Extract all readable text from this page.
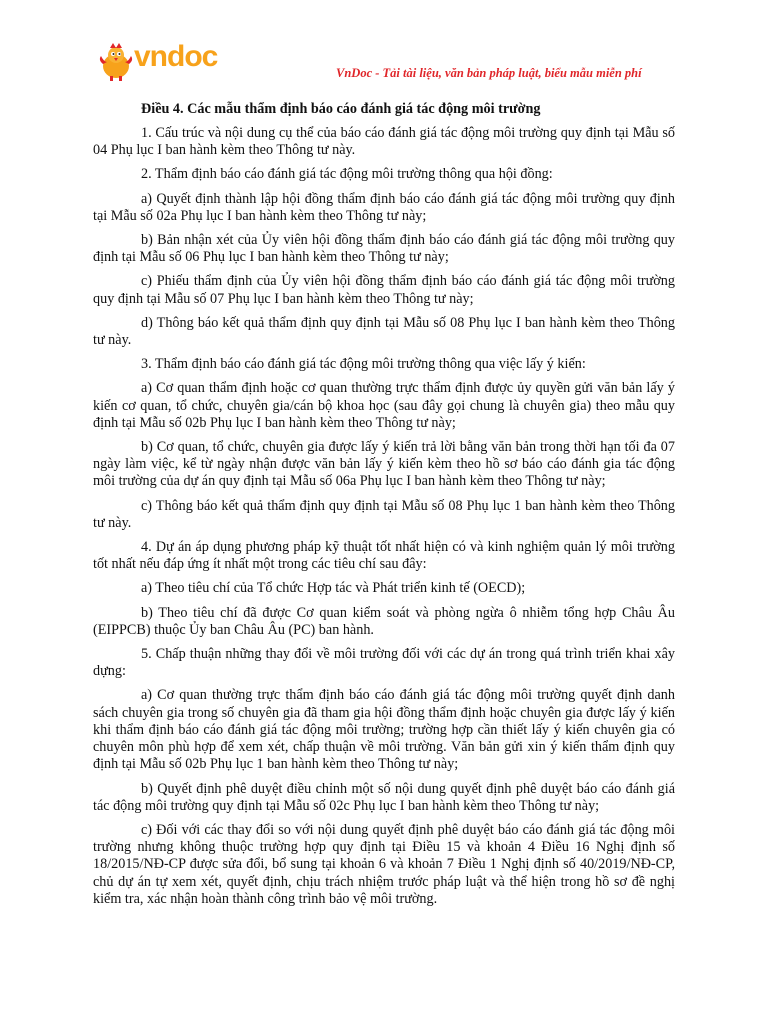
vndoc	VnDoc - Tải tài liệu, văn bản pháp luật, biểu mẫu miễn phí

Điều 4. Các mẫu thẩm định báo cáo đánh giá tác động môi trường

1. Cấu trúc và nội dung cụ thể của báo cáo đánh giá tác động môi trường quy định tại Mẫu số 04 Phụ lục I ban hành kèm theo Thông tư này.

2. Thẩm định báo cáo đánh giá tác động môi trường thông qua hội đồng:

a) Quyết định thành lập hội đồng thẩm định báo cáo đánh giá tác động môi trường quy định tại Mẫu số 02a Phụ lục I ban hành kèm theo Thông tư này;

b) Bản nhận xét của Ủy viên hội đồng thẩm định báo cáo đánh giá tác động môi trường quy định tại Mẫu số 06 Phụ lục I ban hành kèm theo Thông tư này;

c) Phiếu thẩm định của Ủy viên hội đồng thẩm định báo cáo đánh giá tác động môi trường quy định tại Mẫu số 07 Phụ lục I ban hành kèm theo Thông tư này;

d) Thông báo kết quả thẩm định quy định tại Mẫu số 08 Phụ lục I ban hành kèm theo Thông tư này.

3. Thẩm định báo cáo đánh giá tác động môi trường thông qua việc lấy ý kiến:

a) Cơ quan thẩm định hoặc cơ quan thường trực thẩm định được ủy quyền gửi văn bản lấy ý kiến cơ quan, tổ chức, chuyên gia/cán bộ khoa học (sau đây gọi chung là chuyên gia) theo mẫu quy định tại Mẫu số 02b Phụ lục I ban hành kèm theo Thông tư này;

b) Cơ quan, tổ chức, chuyên gia được lấy ý kiến trả lời bằng văn bản trong thời hạn tối đa 07 ngày làm việc, kể từ ngày nhận được văn bản lấy ý kiến kèm theo hồ sơ báo cáo đánh gia tác động môi trường của dự án quy định tại Mẫu số 06a Phụ lục I ban hành kèm theo Thông tư này;

c) Thông báo kết quả thẩm định quy định tại Mẫu số 08 Phụ lục 1 ban hành kèm theo Thông tư này.

4. Dự án áp dụng phương pháp kỹ thuật tốt nhất hiện có và kinh nghiệm quản lý môi trường tốt nhất nếu đáp ứng ít nhất một trong các tiêu chí sau đây:

a) Theo tiêu chí của Tổ chức Hợp tác và Phát triển kinh tế (OECD);

b) Theo tiêu chí đã được Cơ quan kiểm soát và phòng ngừa ô nhiễm tổng hợp Châu Âu (EIPPCB) thuộc Ủy ban Châu Âu (PC) ban hành.

5. Chấp thuận những thay đổi về môi trường đối với các dự án trong quá trình triển khai xây dựng:

a) Cơ quan thường trực thẩm định báo cáo đánh giá tác động môi trường quyết định danh sách chuyên gia trong số chuyên gia đã tham gia hội đồng thẩm định hoặc chuyên gia được lấy ý kiến khi thẩm định báo cáo đánh giá tác động môi trường; trường hợp cần thiết lấy ý kiến chuyên gia có chuyên môn phù hợp để xem xét, chấp thuận về môi trường. Văn bản gửi xin ý kiến thẩm định quy định tại Mẫu số 02b Phụ lục 1 ban hành kèm theo Thông tư này;

b) Quyết định phê duyệt điều chỉnh một số nội dung quyết định phê duyệt báo cáo đánh giá tác động môi trường quy định tại Mẫu số 02c Phụ lục I ban hành kèm theo Thông tư này;

c) Đối với các thay đổi so với nội dung quyết định phê duyệt báo cáo đánh giá tác động môi trường nhưng không thuộc trường hợp quy định tại Điều 15 và khoản 4 Điều 16 Nghị định số 18/2015/NĐ-CP được sửa đổi, bổ sung tại khoản 6 và khoản 7 Điều 1 Nghị định số 40/2019/NĐ-CP, chủ dự án tự xem xét, quyết định, chịu trách nhiệm trước pháp luật và thể hiện trong hồ sơ đề nghị kiểm tra, xác nhận hoàn thành công trình bảo vệ môi trường.
